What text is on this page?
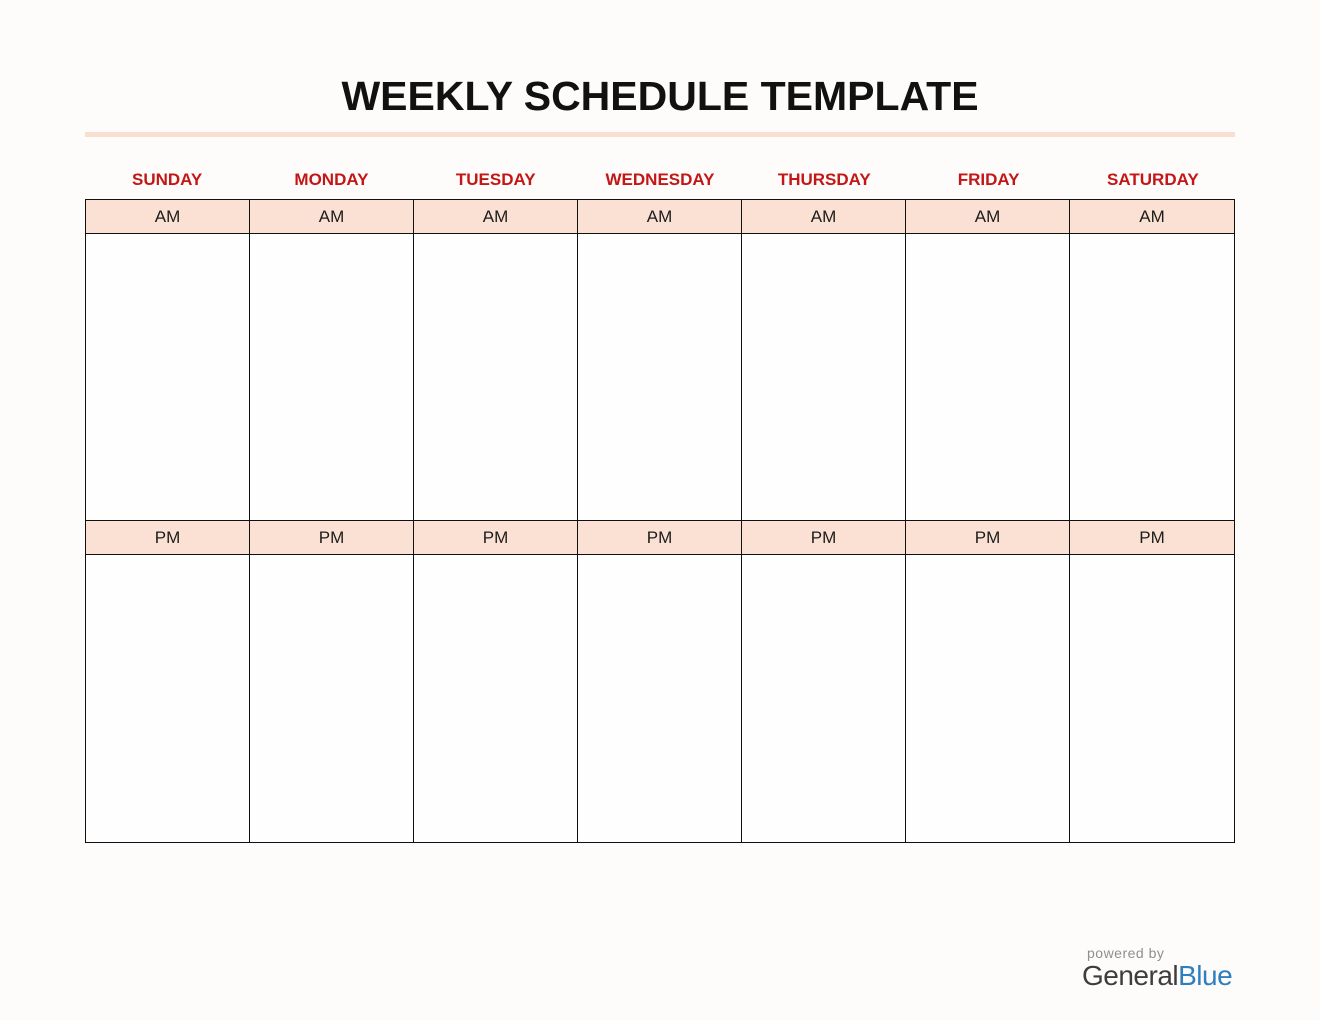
WEEKLY SCHEDULE TEMPLATE
SUNDAY	MONDAY	TUESDAY	WEDNESDAY	THURSDAY	FRIDAY	SATURDAY
AM	AM	AM	AM	AM	AM	AM
PM	PM	PM	PM	PM	PM	PM
powered by
GeneralBlue
